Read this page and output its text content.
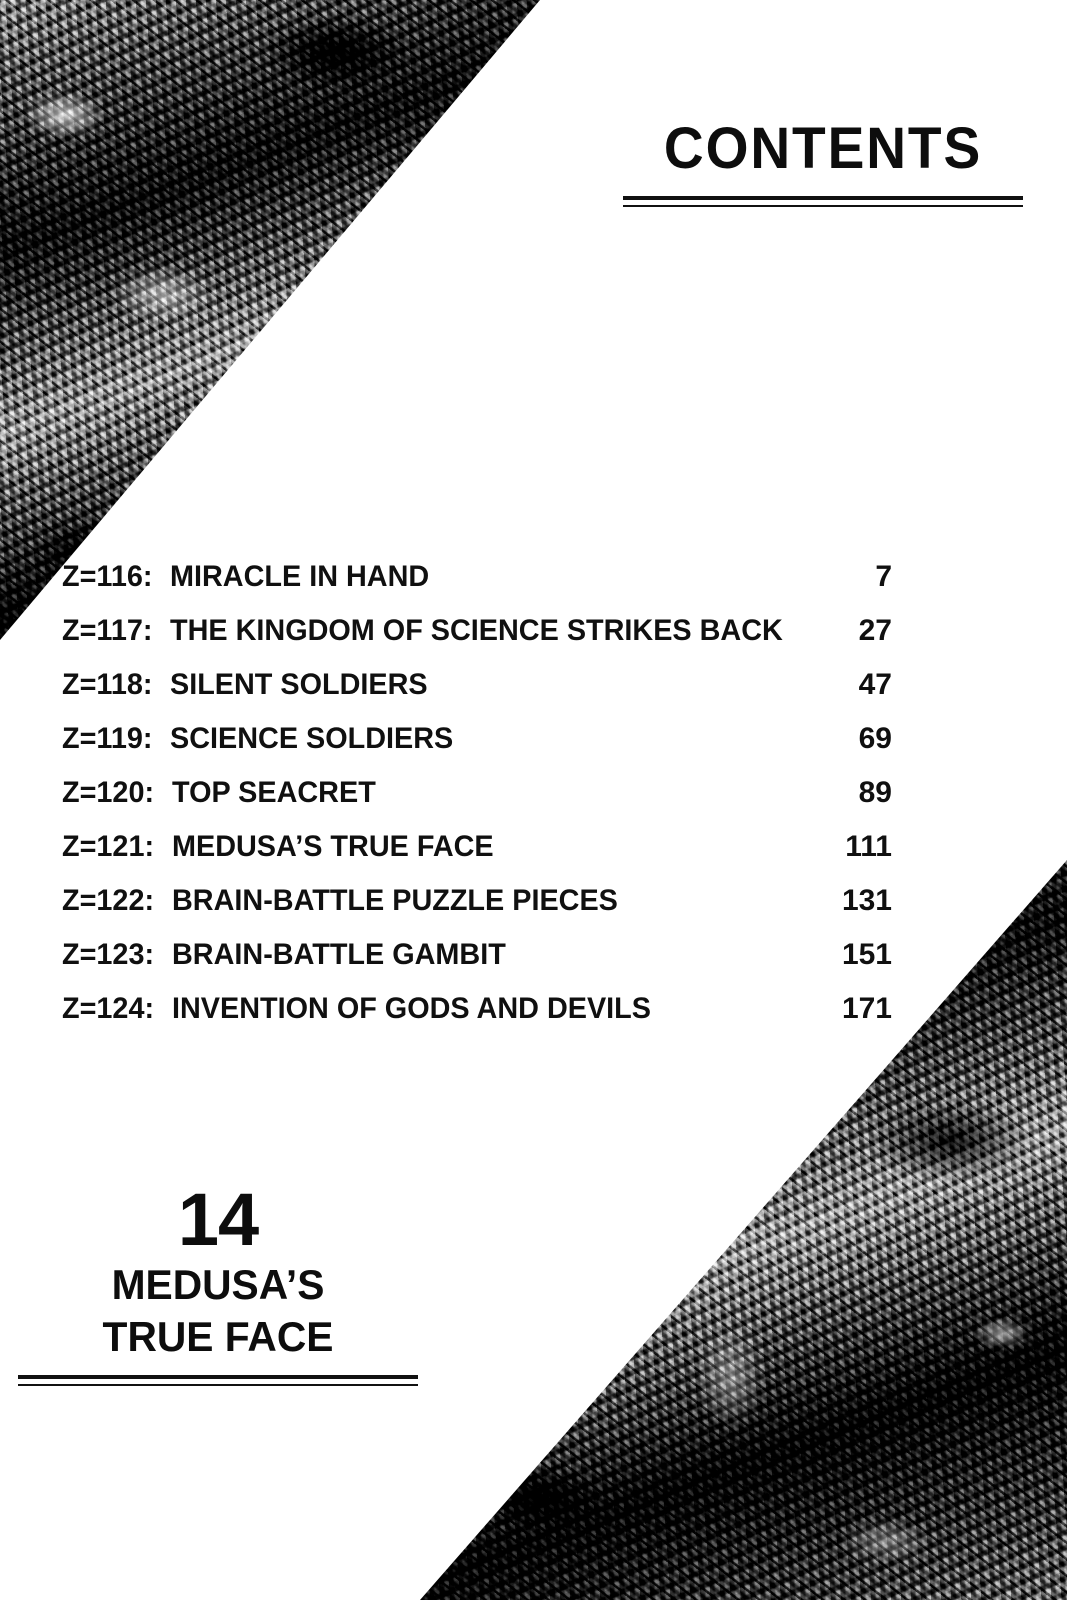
CONTENTS
Z=116: MIRACLE IN HAND	7
Z=117: THE KINGDOM OF SCIENCE STRIKES BACK	27
Z=118: SILENT SOLDIERS	47
Z=119: SCIENCE SOLDIERS	69
Z=120: TOP SEACRET	89
Z=121: MEDUSA’S TRUE FACE	111
Z=122: BRAIN-BATTLE PUZZLE PIECES	131
Z=123: BRAIN-BATTLE GAMBIT	151
Z=124: INVENTION OF GODS AND DEVILS	171
14
MEDUSA’S
TRUE FACE
